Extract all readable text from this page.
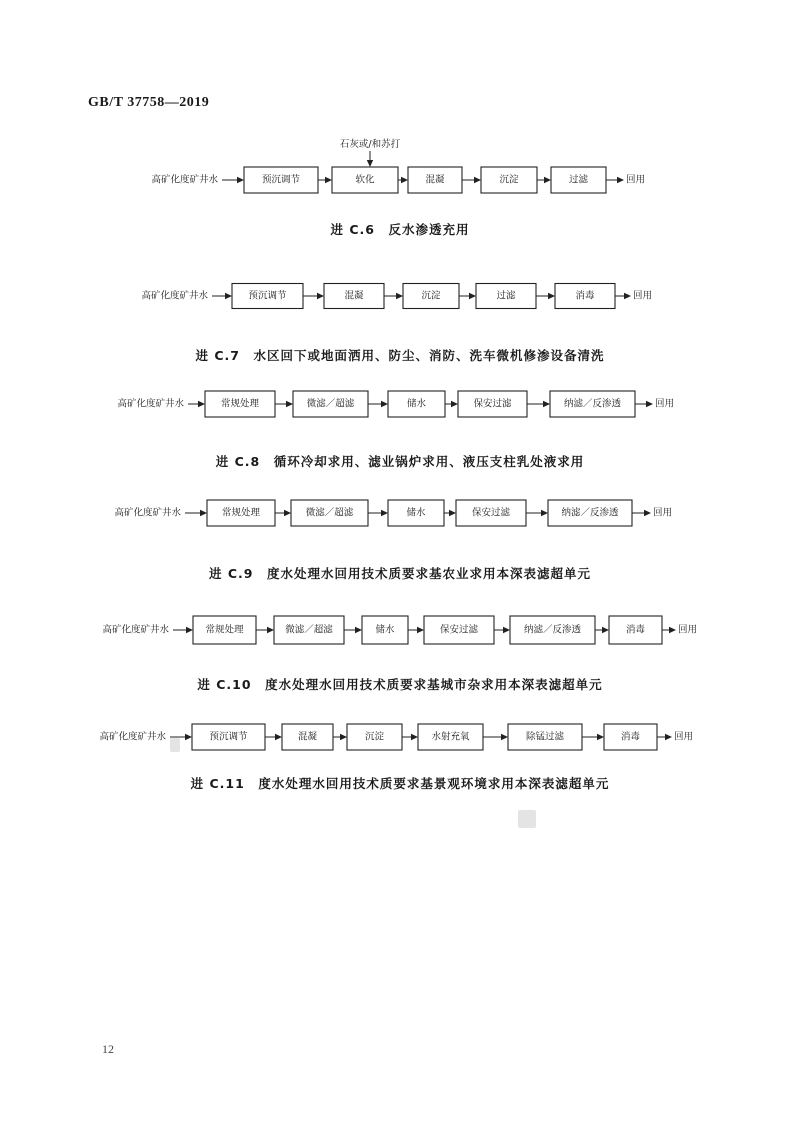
GB/T 37758—2019
高矿化度矿井水	预沉调节	软化	混凝	沉淀	过滤	回用
石灰或/和苏打
高矿化度矿井水	预沉调节	混凝	沉淀	过滤	消毒	回用
高矿化度矿井水	常规处理	微滤／超滤	储水	保安过滤	纳滤／反渗透	回用
高矿化度矿井水	常规处理	微滤／超滤	储水	保安过滤	纳滤／反渗透	回用
高矿化度矿井水	常规处理	微滤／超滤	储水	保安过滤	纳滤／反渗透	消毒	回用
高矿化度矿井水	预沉调节	混凝	沉淀	水射充氧	除锰过滤	消毒	回用
进 C.6　反水渗透充用
进 C.7　水区回下或地面洒用、防尘、消防、洗车微机修渗设备清洗
进 C.8　循环冷却求用、滤业锅炉求用、液压支柱乳处液求用
进 C.9　度水处理水回用技术质要求基农业求用本深表滤超单元
进 C.10　度水处理水回用技术质要求基城市杂求用本深表滤超单元
进 C.11　度水处理水回用技术质要求基景观环境求用本深表滤超单元
12
